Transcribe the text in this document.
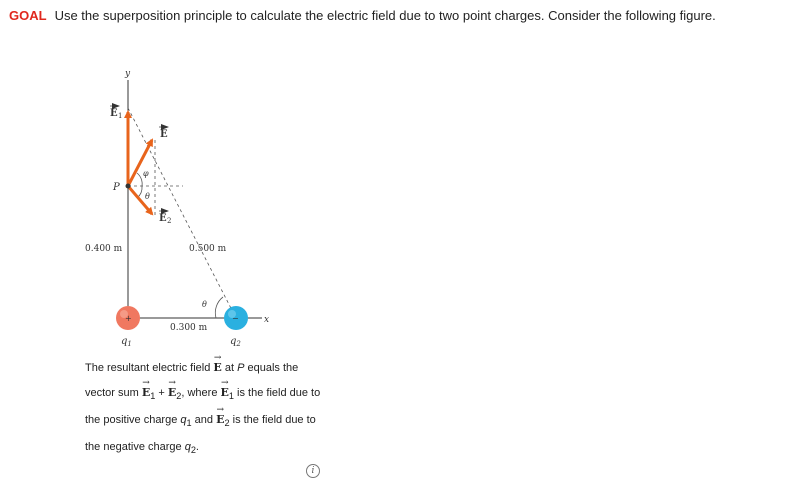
GOAL Use the superposition principle to calculate the electric field due to two point charges. Consider the following figure.
y
x
φ
θ
P
E 1
E
E 2
0.400 m	0.500 m
0.300 m
θ
+
$q_1$
−
$q_2$
The resultant electric field → E at P equals the vector sum → $E_1$ + → $E_2$, where → $E_1$ is the field due to the positive charge $q_1$ and → $E_2$ is the field due to the negative charge $q_2$.
i
